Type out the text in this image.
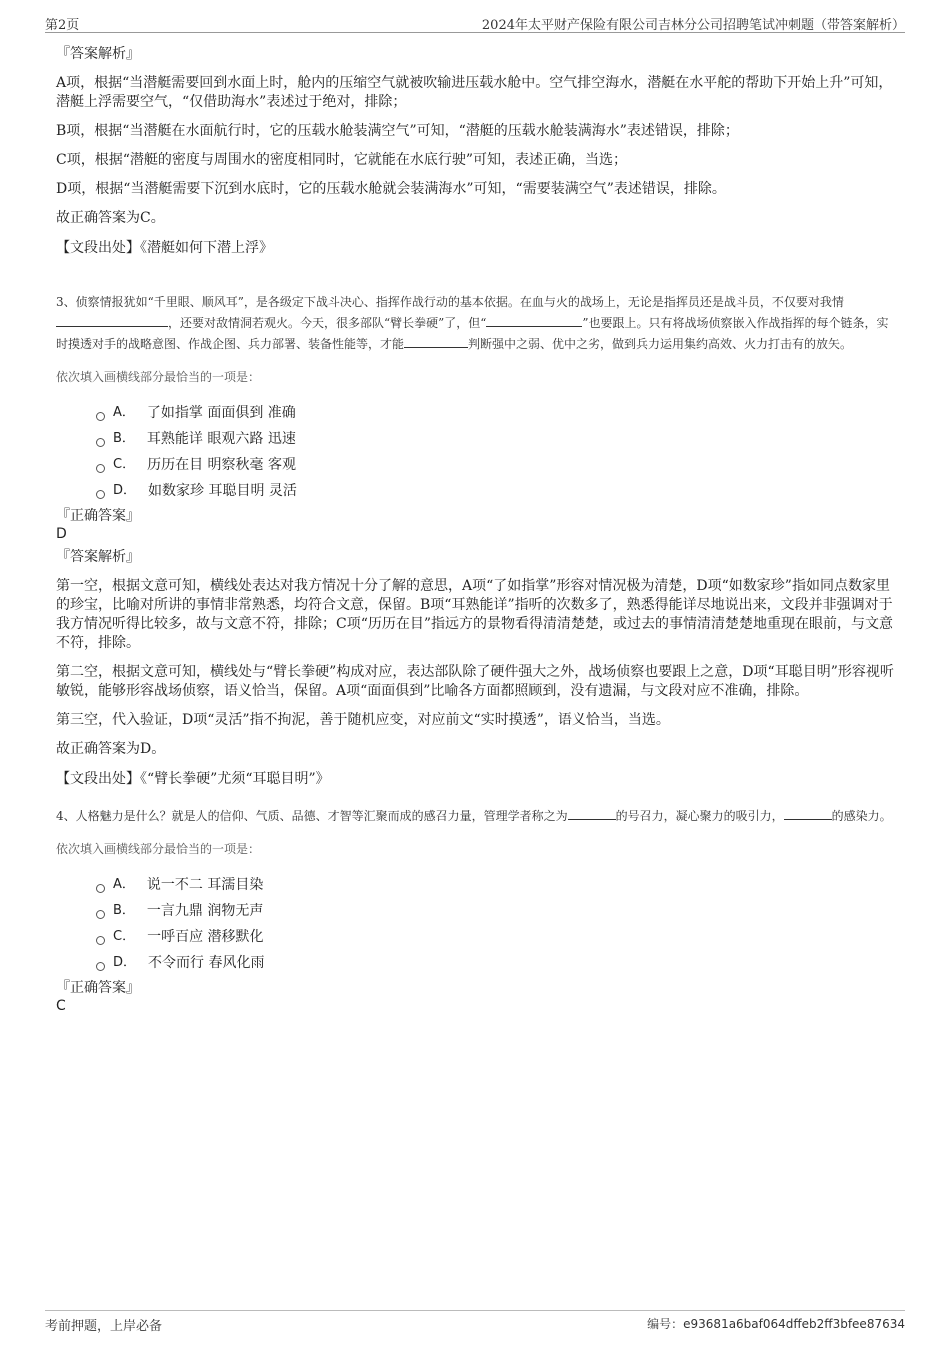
第2页	2024年太平财产保险有限公司吉林分公司招聘笔试冲刺题（带答案解析）

『答案解析』

A项，根据“当潜艇需要回到水面上时，舱内的压缩空气就被吹输进压载水舱中。空气排空海水，潜艇在水平舵的帮助下开始上升”可知，潜艇上浮需要空气，“仅借助海水”表述过于绝对，排除；

B项，根据“当潜艇在水面航行时，它的压载水舱装满空气”可知，“潜艇的压载水舱装满海水”表述错误，排除；

C项，根据“潜艇的密度与周围水的密度相同时，它就能在水底行驶”可知，表述正确，当选；

D项，根据“当潜艇需要下沉到水底时，它的压载水舱就会装满海水”可知，“需要装满空气”表述错误，排除。

故正确答案为C。

【文段出处】《潜艇如何下潜上浮》

3、侦察情报犹如“千里眼、顺风耳”，是各级定下战斗决心、指挥作战行动的基本依据。在血与火的战场上，无论是指挥员还是战斗员，不仅要对我情，还要对敌情洞若观火。今天，很多部队“臂长拳硬”了，但“	”也要跟上。只有将战场侦察嵌入作战指挥的每个链条，实时摸透对手的战略意图、作战企图、兵力部署、装备性能等，才能	判断强中之弱、优中之劣，做到兵力运用集约高效、火力打击有的放矢。

依次填入画横线部分最恰当的一项是：

A． 了如指掌 面面俱到 准确
B． 耳熟能详 眼观六路 迅速
C． 历历在目 明察秋毫 客观
D． 如数家珍 耳聪目明 灵活

『正确答案』

D

『答案解析』

第一空，根据文意可知，横线处表达对我方情况十分了解的意思，A项“了如指掌”形容对情况极为清楚，D项“如数家珍”指如同点数家里的珍宝，比喻对所讲的事情非常熟悉，均符合文意，保留。B项“耳熟能详”指听的次数多了，熟悉得能详尽地说出来，文段并非强调对于我方情况听得比较多，故与文意不符，排除；C项“历历在目”指远方的景物看得清清楚楚，或过去的事情清清楚楚地重现在眼前，与文意不符，排除。

第二空，根据文意可知，横线处与“臂长拳硬”构成对应，表达部队除了硬件强大之外，战场侦察也要跟上之意，D项“耳聪目明”形容视听敏锐，能够形容战场侦察，语义恰当，保留。A项“面面俱到”比喻各方面都照顾到，没有遗漏，与文段对应不准确，排除。

第三空，代入验证，D项“灵活”指不拘泥，善于随机应变，对应前文“实时摸透”，语义恰当，当选。

故正确答案为D。

【文段出处】《“臂长拳硬”尤须“耳聪目明”》

4、人格魅力是什么？就是人的信仰、气质、品德、才智等汇聚而成的感召力量，管理学者称之为	的号召力，凝心聚力的吸引力，	的感染力。

依次填入画横线部分最恰当的一项是：

A． 说一不二 耳濡目染
B． 一言九鼎 润物无声
C． 一呼百应 潜移默化
D． 不令而行 春风化雨

『正确答案』

C

考前押题，上岸必备	编号：e93681a6baf064dffeb2ff3bfee87634
